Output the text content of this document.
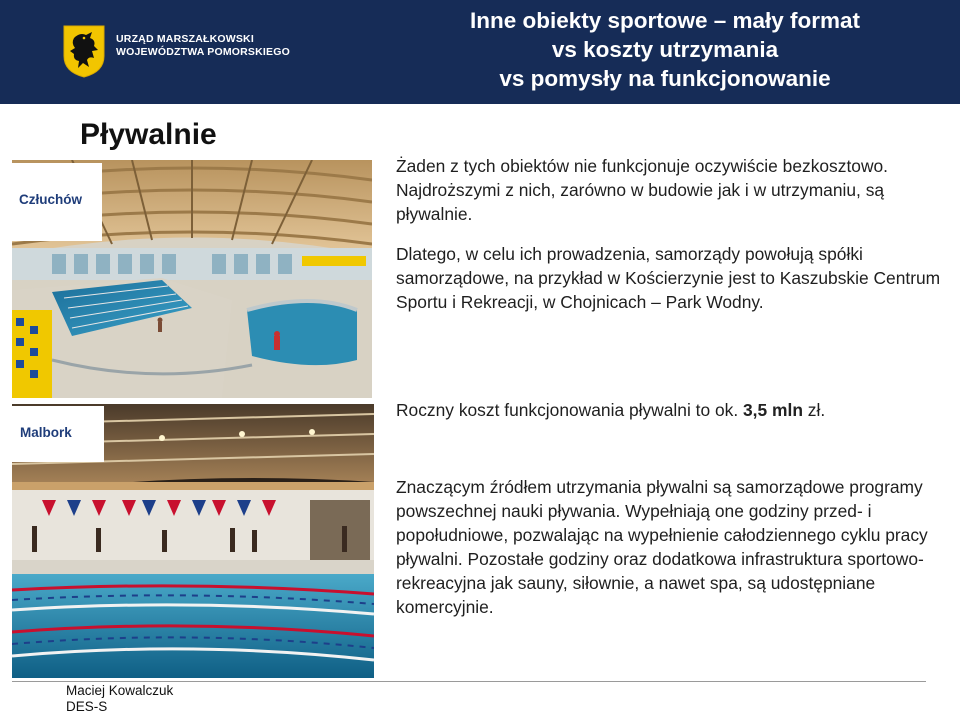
URZĄD MARSZAŁKOWSKI
WOJEWÓDZTWA POMORSKIEGO
Inne obiekty sportowe – mały format
vs koszty utrzymania
vs pomysły na funkcjonowanie
Pływalnie
Człuchów
Malbork

Żaden z tych obiektów nie funkcjonuje oczywiście bezkosztowo. Najdroższymi z nich, zarówno w budowie jak i w utrzymaniu, są pływalnie.

Dlatego, w celu ich prowadzenia, samorządy powołują spółki samorządowe, na przykład w Kościerzynie jest to Kaszubskie Centrum Sportu i Rekreacji, w Chojnicach – Park Wodny.

Roczny koszt funkcjonowania pływalni to ok. 3,5 mln zł.

Znaczącym źródłem utrzymania pływalni są samorządowe programy powszechnej nauki pływania. Wypełniają one godziny przed- i popołudniowe, pozwalając na wypełnienie całodziennego cyklu pracy pływalni. Pozostałe godziny oraz dodatkowa infrastruktura sportowo-rekreacyjna jak sauny, siłownie, a nawet spa, są udostępniane komercyjnie.

Maciej Kowalczuk
DES-S
